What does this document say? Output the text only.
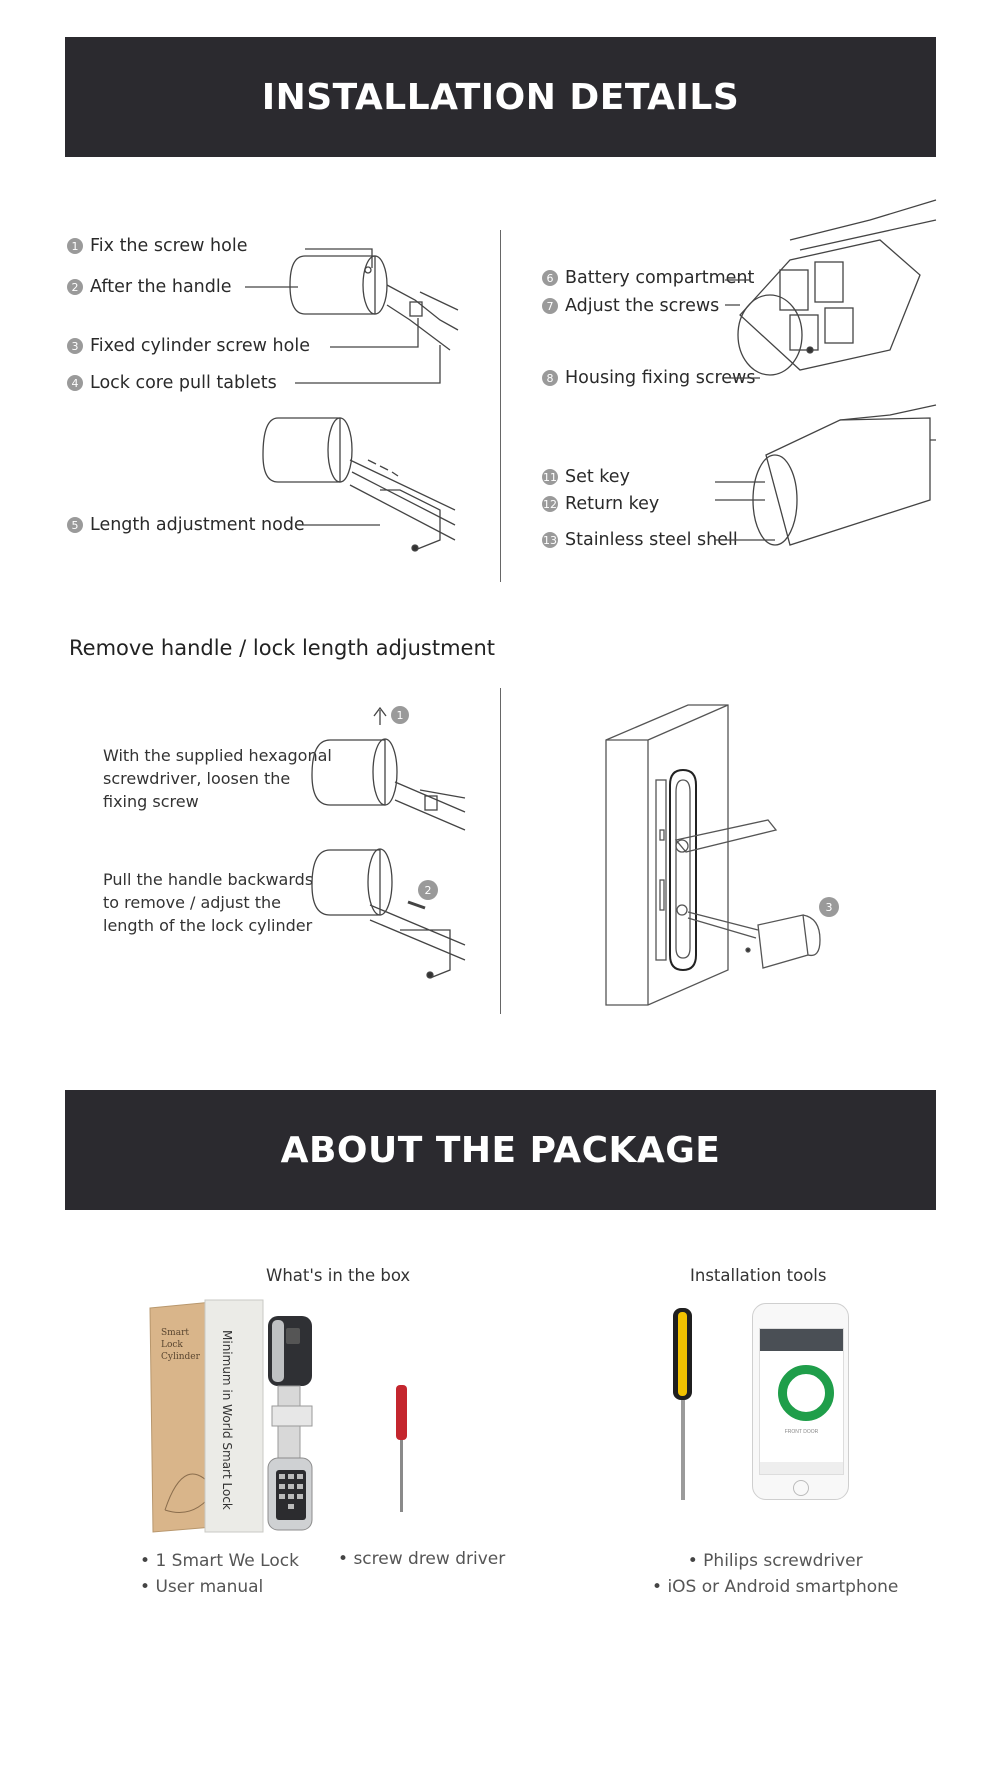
INSTALLATION DETAILS
1 Fix the screw hole
2 After the handle
3 Fixed cylinder screw hole
4 Lock core pull tablets
5 Length adjustment node
6 Battery compartment
7 Adjust the screws
8 Housing fixing screws
11 Set key
12 Return key
13 Stainless steel shell
Remove handle / lock length adjustment
With the supplied hexagonal screwdriver, loosen the fixing screw
Pull the handle backwards to remove / adjust the length of the lock cylinder
1
2
3
ABOUT THE PACKAGE
What's in the box	Installation tools
Smart
Lock
Cylinder Minimum in World Smart Lock	FRONT DOOR
• 1 Smart We Lock
• User manual
• screw drew driver
•	Philips screwdriver
• iOS or Android smartphone
